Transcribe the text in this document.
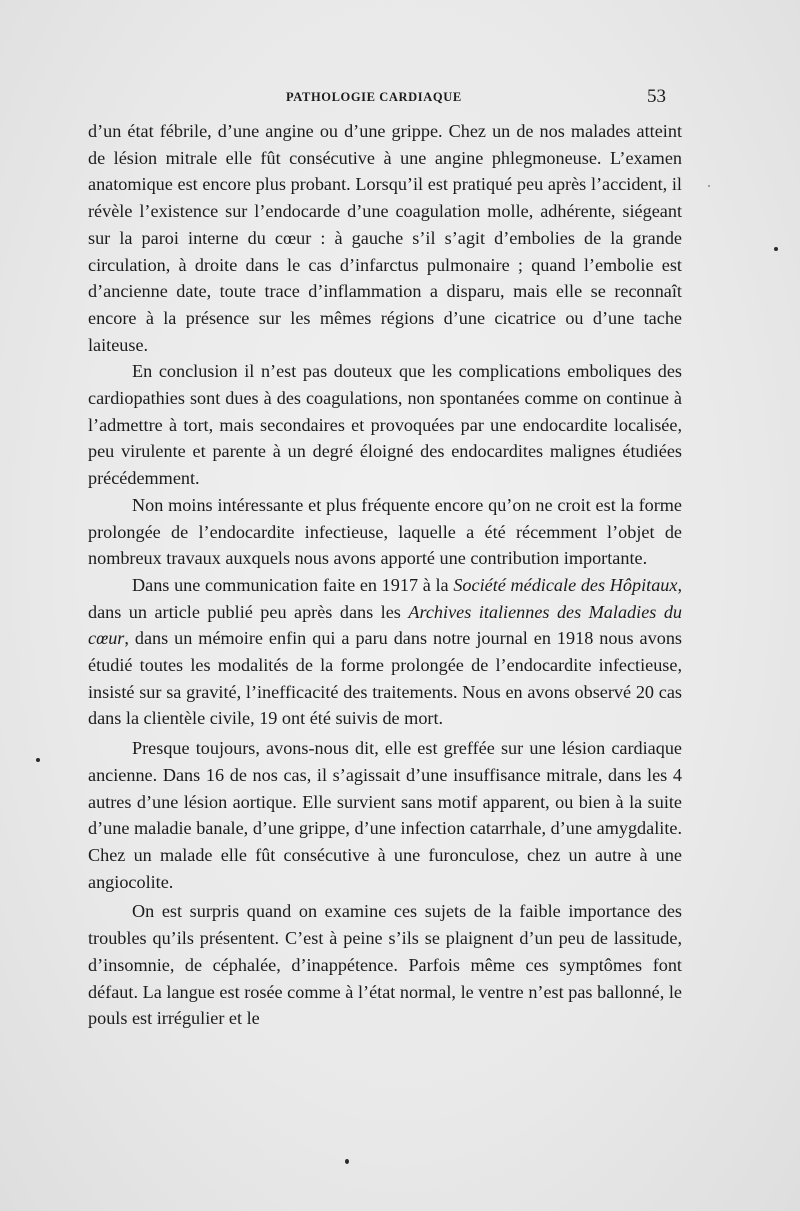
PATHOLOGIE CARDIAQUE	53

d’un état fébrile, d’une angine ou d’une grippe. Chez un de nos malades atteint de lésion mitrale elle fût consécutive à une angine phlegmoneuse. L’examen anatomique est encore plus probant. Lorsqu’il est pratiqué peu après l’accident, il révèle l’existence sur l’endocarde d’une coagulation molle, adhérente, siégeant sur la paroi interne du cœur : à gauche s’il s’agit d’embolies de la grande circulation, à droite dans le cas d’infarctus pulmonaire ; quand l’embolie est d’ancienne date, toute trace d’inflammation a disparu, mais elle se reconnaît encore à la présence sur les mêmes régions d’une cicatrice ou d’une tache laiteuse.

En conclusion il n’est pas douteux que les complications emboliques des cardiopathies sont dues à des coagulations, non spontanées comme on continue à l’admettre à tort, mais secondaires et provoquées par une endocardite localisée, peu virulente et parente à un degré éloigné des endocardites malignes étudiées précédemment.

Non moins intéressante et plus fréquente encore qu’on ne croit est la forme prolongée de l’endocardite infectieuse, laquelle a été récemment l’objet de nombreux travaux auxquels nous avons apporté une contribution importante.

Dans une communication faite en 1917 à la Société médicale des Hôpitaux, dans un article publié peu après dans les Archives italiennes des Maladies du cœur, dans un mémoire enfin qui a paru dans notre journal en 1918 nous avons étudié toutes les modalités de la forme prolongée de l’endocardite infectieuse, insisté sur sa gravité, l’inefficacité des traitements. Nous en avons observé 20 cas dans la clientèle civile, 19 ont été suivis de mort.

Presque toujours, avons-nous dit, elle est greffée sur une lésion cardiaque ancienne. Dans 16 de nos cas, il s’agissait d’une insuffisance mitrale, dans les 4 autres d’une lésion aortique. Elle survient sans motif apparent, ou bien à la suite d’une maladie banale, d’une grippe, d’une infection catarrhale, d’une amygdalite. Chez un malade elle fût consécutive à une furonculose, chez un autre à une angiocolite.

On est surpris quand on examine ces sujets de la faible importance des troubles qu’ils présentent. C’est à peine s’ils se plaignent d’un peu de lassitude, d’insomnie, de céphalée, d’inappétence. Parfois même ces symptômes font défaut. La langue est rosée comme à l’état normal, le ventre n’est pas ballonné, le pouls est irrégulier et le
